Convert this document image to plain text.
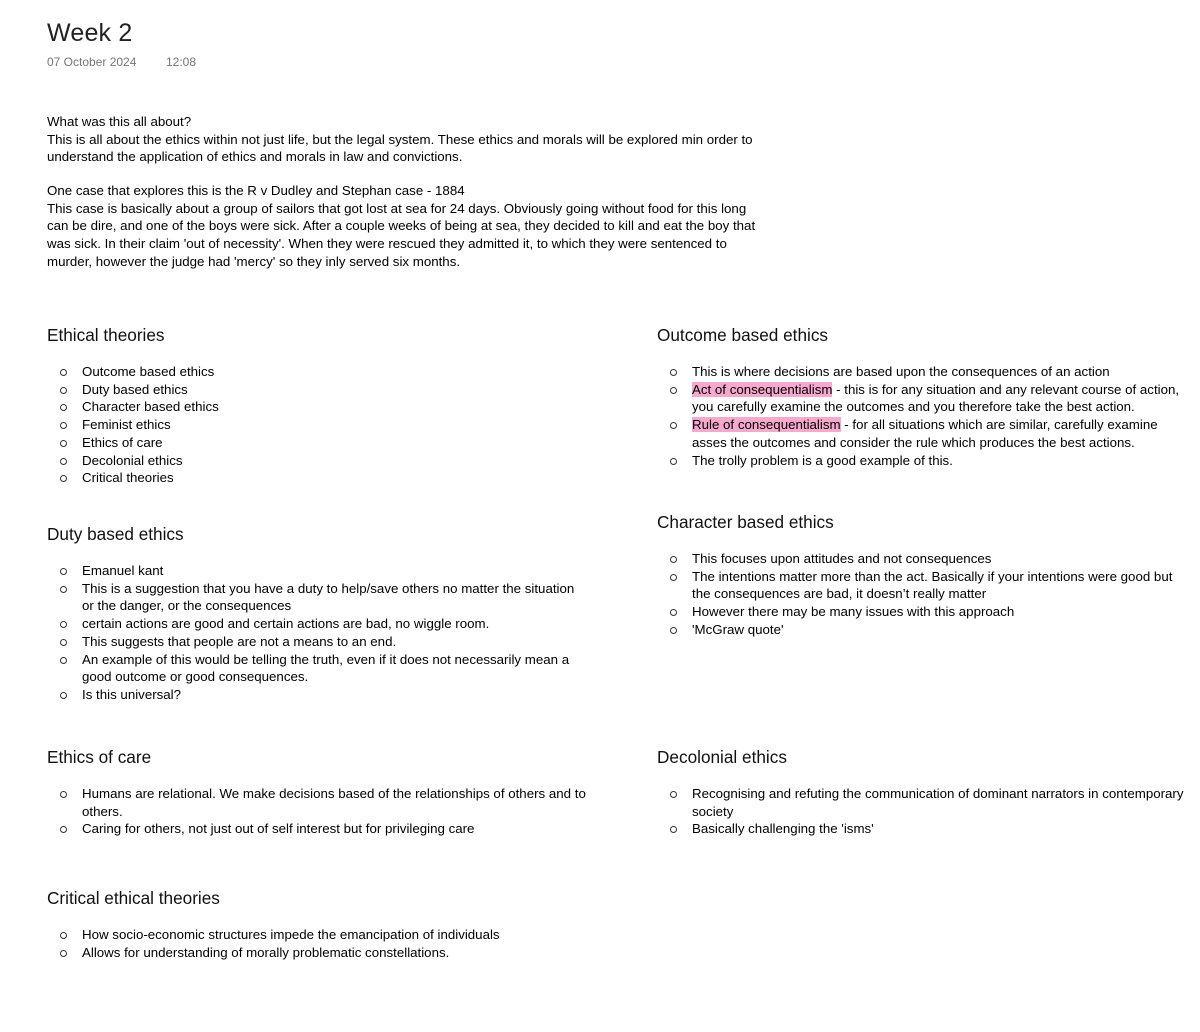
Week 2
07 October 2024 12:08

What was this all about?

This is all about the ethics within not just life, but the legal system. These ethics and morals will be explored min order to understand the application of ethics and morals in law and convictions.

One case that explores this is the R v Dudley and Stephan case - 1884

This case is basically about a group of sailors that got lost at sea for 24 days. Obviously going without food for this long can be dire, and one of the boys were sick. After a couple weeks of being at sea, they decided to kill and eat the boy that was sick. In their claim 'out of necessity'. When they were rescued they admitted it, to which they were sentenced to murder, however the judge had 'mercy' so they inly served six months.

Ethical theories
Outcome based ethics
Duty based ethics
Character based ethics
Feminist ethics
Ethics of care
Decolonial ethics
Critical theories
Duty based ethics
Emanuel kant
This is a suggestion that you have a duty to help/save others no matter the situation or the danger, or the consequences
certain actions are good and certain actions are bad, no wiggle room.
This suggests that people are not a means to an end.
An example of this would be telling the truth, even if it does not necessarily mean a good outcome or good consequences.
Is this universal?
Ethics of care
Humans are relational. We make decisions based of the relationships of others and to others.
Caring for others, not just out of self interest but for privileging care
Critical ethical theories
How socio-economic structures impede the emancipation of individuals
Allows for understanding of morally problematic constellations.
Outcome based ethics
This is where decisions are based upon the consequences of an action
Act of consequentialism - this is for any situation and any relevant course of action, you carefully examine the outcomes and you therefore take the best action.
Rule of consequentialism - for all situations which are similar, carefully examine asses the outcomes and consider the rule which produces the best actions.
The trolly problem is a good example of this.
Character based ethics
This focuses upon attitudes and not consequences
The intentions matter more than the act. Basically if your intentions were good but the consequences are bad, it doesn’t really matter
However there may be many issues with this approach
'McGraw quote'
Decolonial ethics
Recognising and refuting the communication of dominant narrators in contemporary society
Basically challenging the 'isms'
